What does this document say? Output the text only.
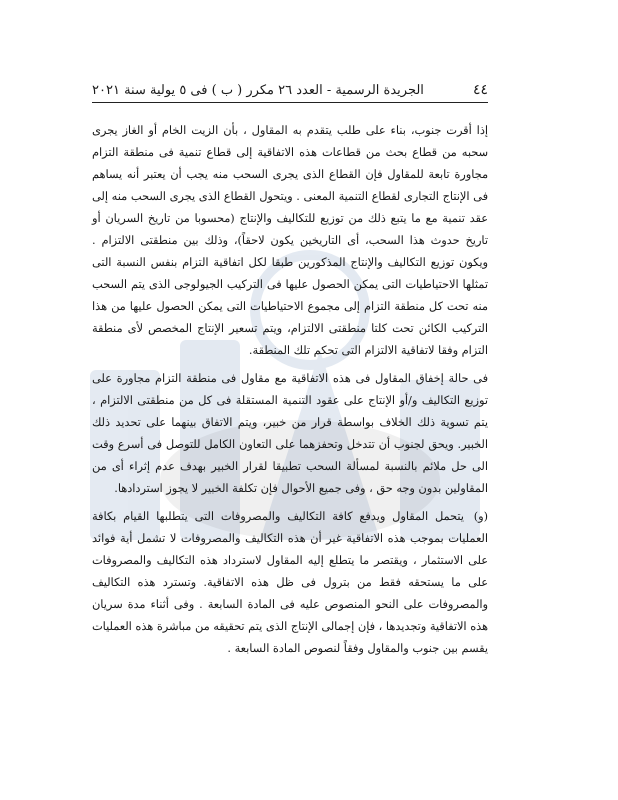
٤٤
الجريدة الرسمية - العدد ٢٦ مكرر ( ب ) فى ٥ يولية سنة ٢٠٢١

إذا أقرت جنوب، بناء على طلب يتقدم به المقاول ، بأن الزيت الخام أو الغاز يجرى سحبه من قطاع بحث من قطاعات هذه الاتفاقية إلى قطاع تنمية فى منطقة التزام مجاورة تابعة للمقاول فإن القطاع الذى يجرى السحب منه يجب أن يعتبر أنه يساهم فى الإنتاج التجارى لقطاع التنمية المعنى . ويتحول القطاع الذى يجرى السحب منه إلى عقد تنمية مع ما يتبع ذلك من توزيع للتكاليف والإنتاج (محسوبا من تاريخ السريان أو تاريخ حدوث هذا السحب، أى التاريخين يكون لاحقاً)، وذلك بين منطقتى الالتزام . ويكون توزيع التكاليف والإنتاج المذكورين طبقا لكل اتفاقية التزام بنفس النسبة التى تمثلها الاحتياطيات التى يمكن الحصول عليها فى التركيب الجيولوجى الذى يتم السحب منه تحت كل منطقة التزام إلى مجموع الاحتياطيات التى يمكن الحصول عليها من هذا التركيب الكائن تحت كلتا منطقتى الالتزام، ويتم تسعير الإنتاج المخصص لأى منطقة التزام وفقا لاتفاقية الالتزام التى تحكم تلك المنطقة.

فى حالة إخفاق المقاول فى هذه الاتفاقية مع مقاول فى منطقة التزام مجاورة على توزيع التكاليف و/أو الإنتاج على عقود التنمية المستقلة فى كل من منطقتى الالتزام ، يتم تسوية ذلك الخلاف بواسطة قرار من خبير، ويتم الاتفاق بينهما على تحديد ذلك الخبير. ويحق لجنوب أن تتدخل وتحفزهما على التعاون الكامل للتوصل فى أسرع وقت الى حل ملائم بالنسبة لمسألة السحب تطبيقا لقرار الخبير بهدف عدم إثراء أى من المقاولين بدون وجه حق ، وفى جميع الأحوال فإن تكلفة الخبير لا يجوز استردادها.

(و) يتحمل المقاول ويدفع كافة التكاليف والمصروفات التى يتطلبها القيام بكافة العمليات بموجب هذه الاتفاقية غير أن هذه التكاليف والمصروفات لا تشمل أية فوائد على الاستثمار ، ويقتصر ما يتطلع إليه المقاول لاسترداد هذه التكاليف والمصروفات على ما يستحقه فقط من بترول فى ظل هذه الاتفاقية. وتسترد هذه التكاليف والمصروفات على النحو المنصوص عليه فى المادة السابعة . وفى أثناء مدة سريان هذه الاتفاقية وتجديدها ، فإن إجمالى الإنتاج الذى يتم تحقيقه من مباشرة هذه العمليات يقسم بين جنوب والمقاول وفقاً لنصوص المادة السابعة .
